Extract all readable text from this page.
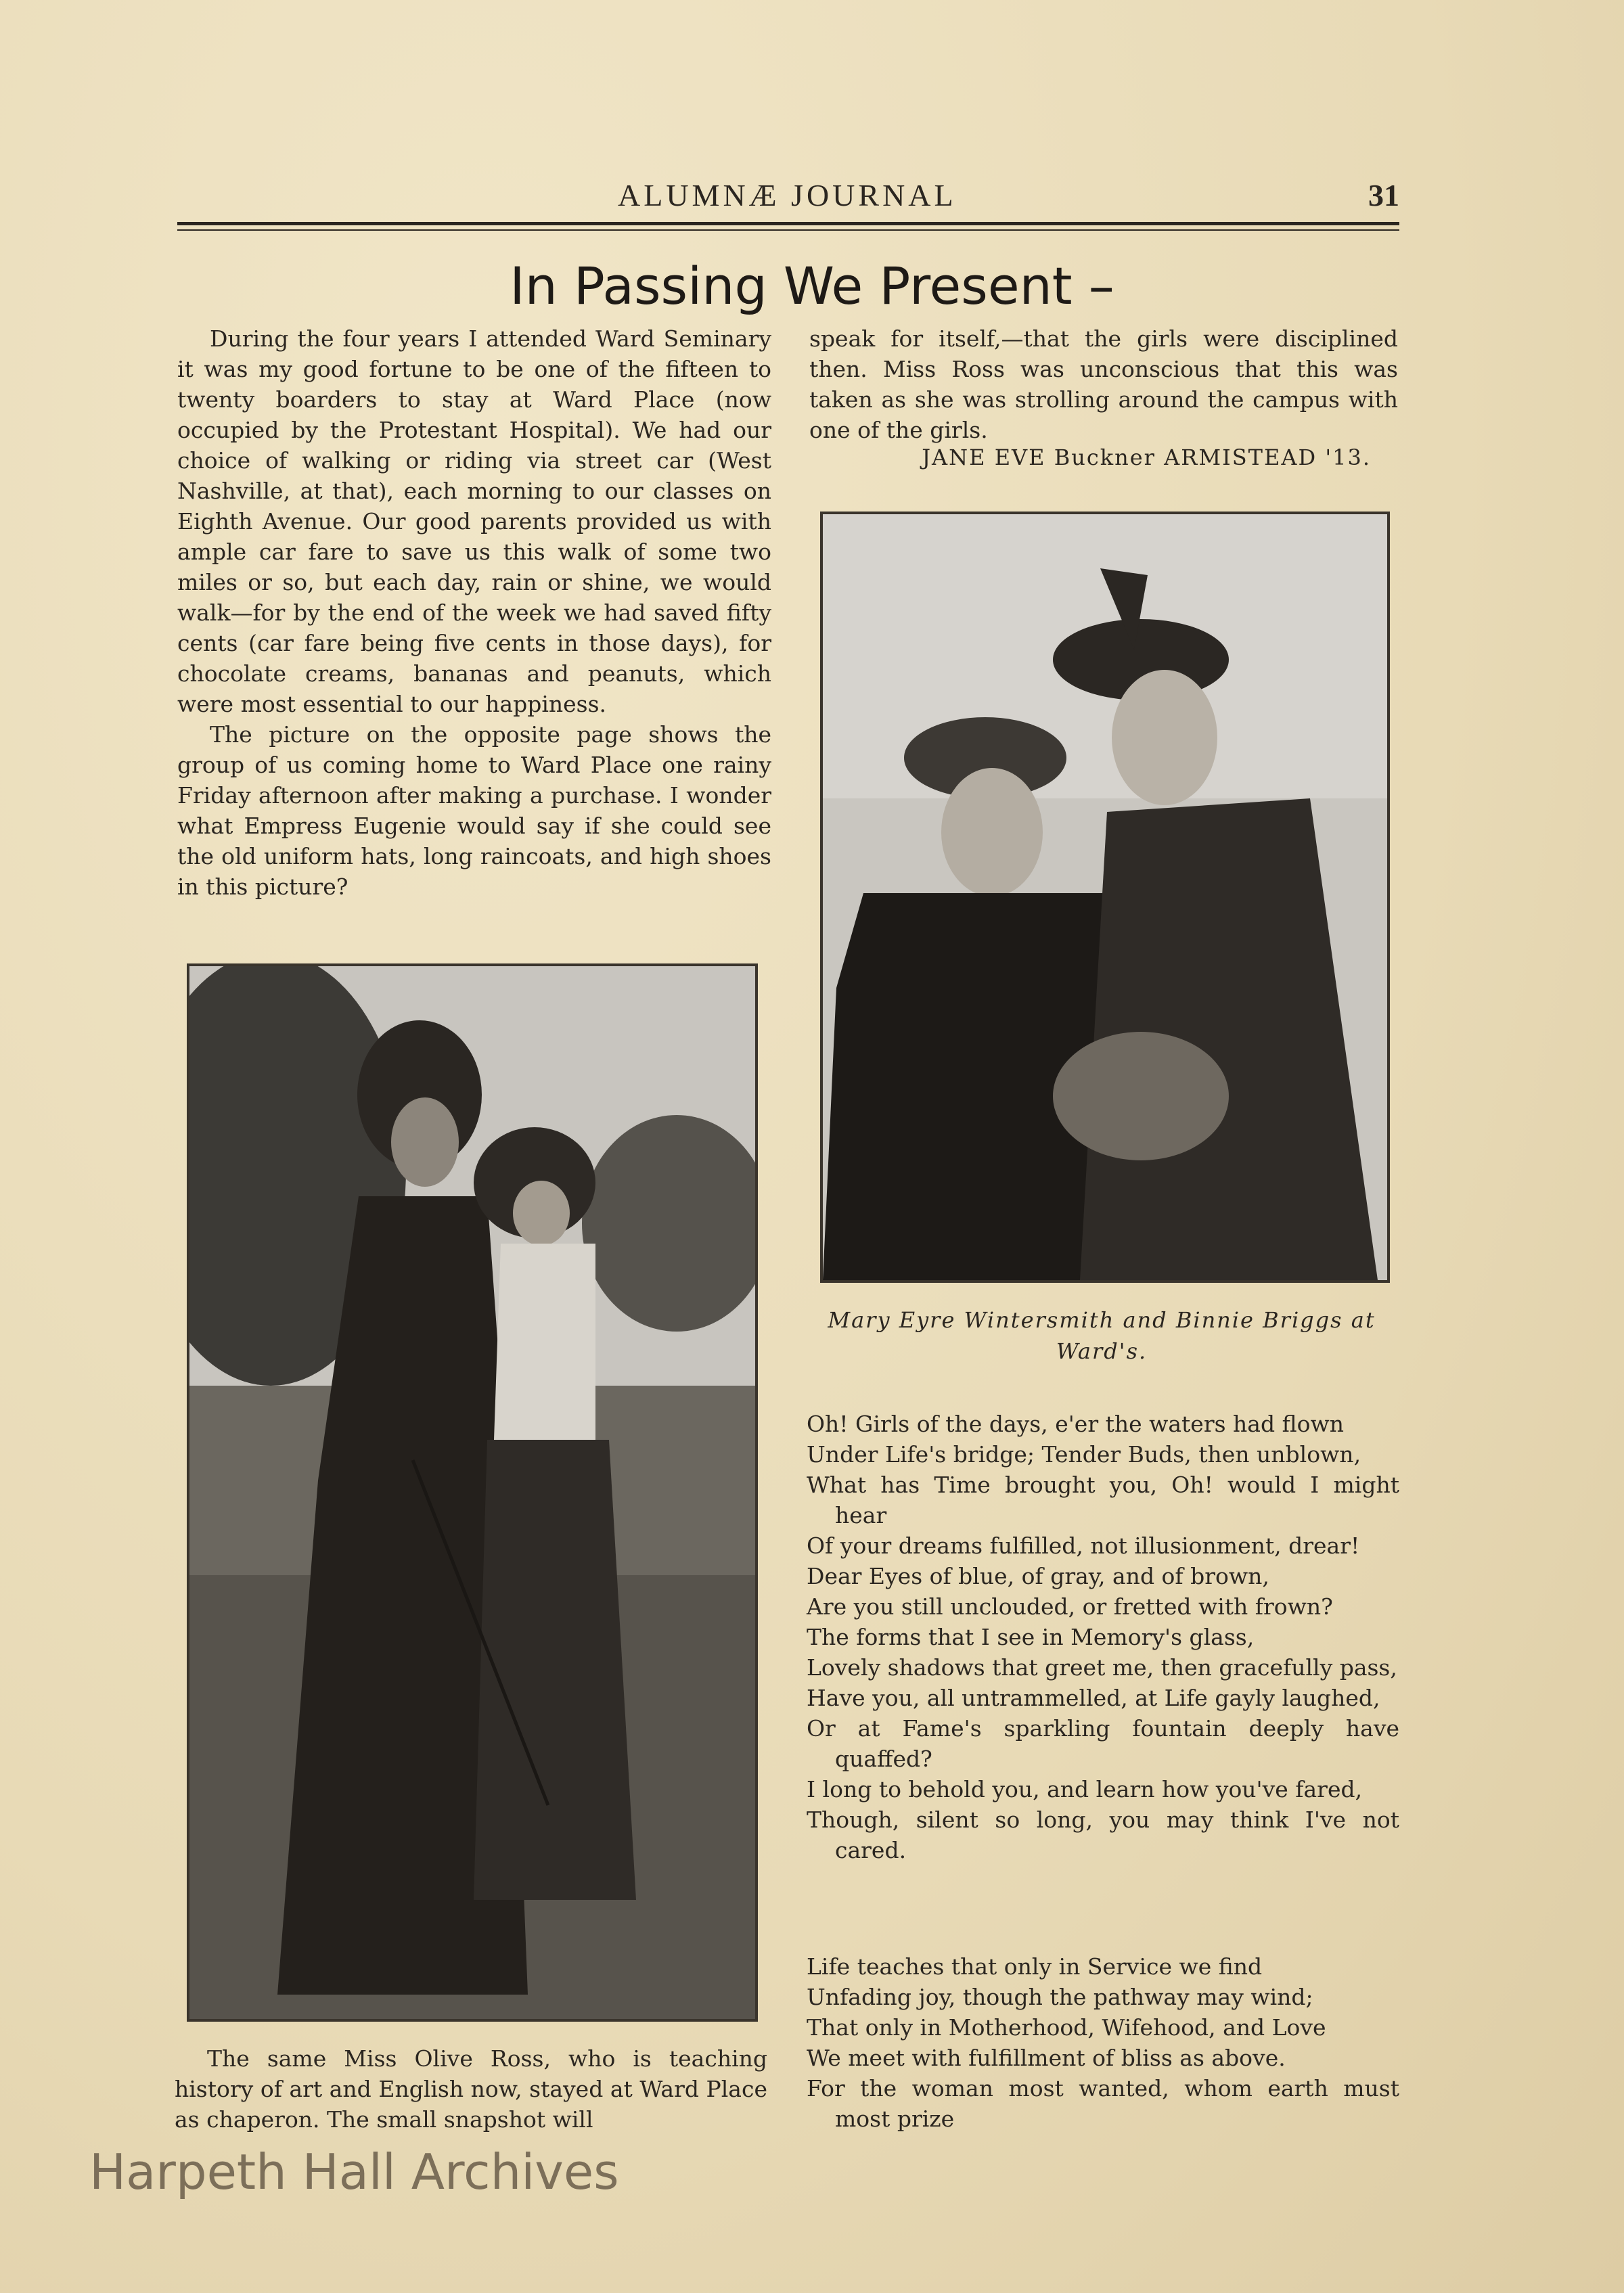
ALUMNÆ JOURNAL	31
In Passing We Present –

During the four years I attended Ward Seminary it was my good fortune to be one of the fifteen to twenty boarders to stay at Ward Place (now occupied by the Protestant Hospital). We had our choice of walking or riding via street car (West Nashville, at that), each morning to our classes on Eighth Avenue. Our good parents provided us with ample car fare to save us this walk of some two miles or so, but each day, rain or shine, we would walk—for by the end of the week we had saved fifty cents (car fare being five cents in those days), for chocolate creams, bananas and peanuts, which were most essential to our happiness.

The picture on the opposite page shows the group of us coming home to Ward Place one rainy Friday afternoon after making a purchase. I wonder what Empress Eugenie would say if she could see the old uniform hats, long raincoats, and high shoes in this picture?

speak for itself,—that the girls were disciplined then. Miss Ross was unconscious that this was taken as she was strolling around the campus with one of the girls.

JANE EVE Buckner ARMISTEAD '13.

The same Miss Olive Ross, who is teaching history of art and English now, stayed at Ward Place as chaperon. The small snapshot will

Mary Eyre Wintersmith and Binnie Briggs at Ward's.
Oh! Girls of the days, e'er the waters had flown
Under Life's bridge; Tender Buds, then unblown,
What has Time brought you, Oh! would I might hear
Of your dreams fulfilled, not illusionment, drear!
Dear Eyes of blue, of gray, and of brown,
Are you still unclouded, or fretted with frown?
The forms that I see in Memory's glass,
Lovely shadows that greet me, then gracefully pass,
Have you, all untrammelled, at Life gayly laughed,
Or at Fame's sparkling fountain deeply have quaffed?
I long to behold you, and learn how you've fared,
Though, silent so long, you may think I've not cared.
Life teaches that only in Service we find
Unfading joy, though the pathway may wind;
That only in Motherhood, Wifehood, and Love
We meet with fulfillment of bliss as above.
For the woman most wanted, whom earth must most prize
Harpeth Hall Archives
